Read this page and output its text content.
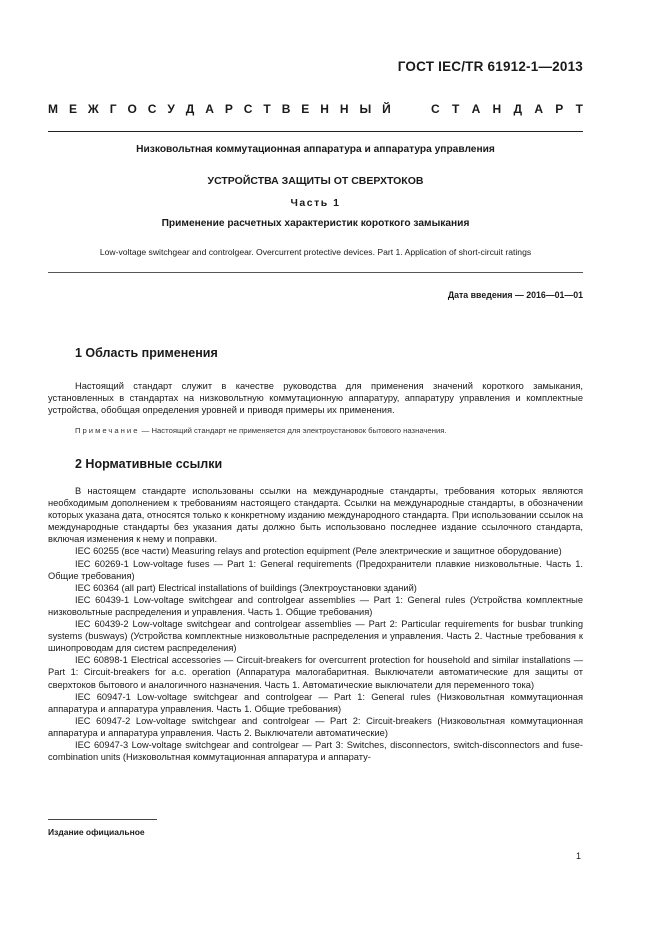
ГОСТ IEC/TR 61912-1—2013
М Е Ж Г О С У Д А Р С Т В Е Н Н Ы Й	С Т А Н Д А Р Т
Низковольтная коммутационная аппаратура и аппаратура управления
УСТРОЙСТВА ЗАЩИТЫ ОТ СВЕРХТОКОВ
Часть 1
Применение расчетных характеристик короткого замыкания
Low-voltage switchgear and controlgear. Overcurrent protective devices. Part 1. Application of short-circuit ratings
Дата введения — 2016—01—01
1 Область применения

Настоящий стандарт служит в качестве руководства для применения значений короткого замыкания, установленных в стандартах на низковольтную коммутационную аппаратуру, аппаратуру управления и комплектные устройства, обобщая определения уровней и приводя примеры их применения.

Примечание — Настоящий стандарт не применяется для электроустановок бытового назначения.
2 Нормативные ссылки

В настоящем стандарте использованы ссылки на международные стандарты, требования которых являются необходимым дополнением к требованиям настоящего стандарта. Ссылки на международные стандарты, в обозначении которых указана дата, относятся только к конкретному изданию международного стандарта. При использовании ссылок на международные стандарты без указания даты должно быть использовано последнее издание ссылочного стандарта, включая изменения к нему и поправки.

IEC 60255 (все части) Measuring relays and protection equipment (Реле электрические и защитное оборудование)

IEC 60269-1 Low-voltage fuses — Part 1: General requirements (Предохранители плавкие низковольтные. Часть 1. Общие требования)

IEC 60364 (all part) Electrical installations of buildings (Электроустановки зданий)

IEC 60439-1 Low-voltage switchgear and controlgear assemblies — Part 1: General rules (Устройства комплектные низковольтные распределения и управления. Часть 1. Общие требования)

IEC 60439-2 Low-voltage switchgear and controlgear assemblies — Part 2: Particular requirements for busbar trunking systems (busways) (Устройства комплектные низковольтные распределения и управления. Часть 2. Частные требования к шинопроводам для систем распределения)

IEC 60898-1 Electrical accessories — Circuit-breakers for overcurrent protection for household and similar installations — Part 1: Circuit-breakers for a.c. operation (Аппаратура малогабаритная. Выключатели автоматические для защиты от сверхтоков бытового и аналогичного назначения. Часть 1. Автоматические выключатели для переменного тока)

IEC 60947-1 Low-voltage switchgear and controlgear — Part 1: General rules (Низковольтная коммутационная аппаратура и аппаратура управления. Часть 1. Общие требования)

IEC 60947-2 Low-voltage switchgear and controlgear — Part 2: Circuit-breakers (Низковольтная коммутационная аппаратура и аппаратура управления. Часть 2. Выключатели автоматические)

IEC 60947-3 Low-voltage switchgear and controlgear — Part 3: Switches, disconnectors, switch-disconnectors and fuse-combination units (Низковольтная коммутационная аппаратура и аппарату-

Издание официальное
1
